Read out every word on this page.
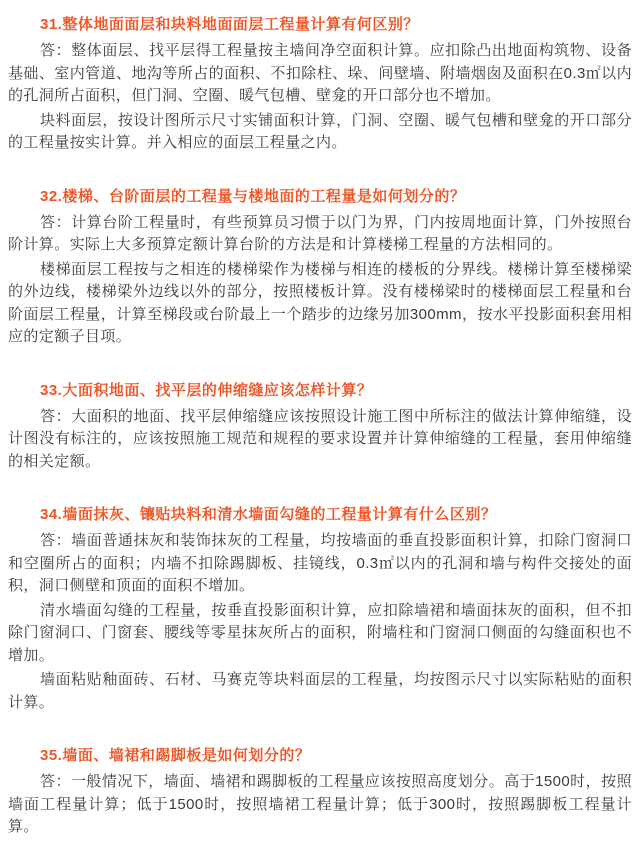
31.整体地面面层和块料地面面层工程量计算有何区别？

答：整体面层、找平层得工程量按主墙间净空面积计算。应扣除凸出地面构筑物、设备基础、室内管道、地沟等所占的面积、不扣除柱、垛、间壁墙、附墙烟囱及面积在0.3㎡以内的孔洞所占面积，但门洞、空圈、暖气包槽、壁龛的开口部分也不增加。

块料面层，按设计图所示尺寸实铺面积计算，门洞、空圈、暖气包槽和壁龛的开口部分的工程量按实计算。并入相应的面层工程量之内。

32.楼梯、台阶面层的工程量与楼地面的工程量是如何划分的？

答：计算台阶工程量时，有些预算员习惯于以门为界，门内按周地面计算，门外按照台阶计算。实际上大多预算定额计算台阶的方法是和计算楼梯工程量的方法相同的。

楼梯面层工程按与之相连的楼梯梁作为楼梯与相连的楼板的分界线。楼梯计算至楼梯梁的外边线，楼梯梁外边线以外的部分，按照楼板计算。没有楼梯梁时的楼梯面层工程量和台阶面层工程量，计算至梯段或台阶最上一个踏步的边缘另加300mm，按水平投影面积套用相应的定额子目项。

33.大面积地面、找平层的伸缩缝应该怎样计算？

答：大面积的地面、找平层伸缩缝应该按照设计施工图中所标注的做法计算伸缩缝，设计图没有标注的，应该按照施工规范和规程的要求设置并计算伸缩缝的工程量，套用伸缩缝的相关定额。

34.墙面抹灰、镶贴块料和清水墙面勾缝的工程量计算有什么区别？

答：墙面普通抹灰和装饰抹灰的工程量，均按墙面的垂直投影面积计算，扣除门窗洞口和空圈所占的面积；内墙不扣除踢脚板、挂镜线，0.3㎡以内的孔洞和墙与构件交接处的面积，洞口侧壁和顶面的面积不增加。

清水墙面勾缝的工程量，按垂直投影面积计算，应扣除墙裙和墙面抹灰的面积，但不扣除门窗洞口、门窗套、腰线等零星抹灰所占的面积，附墙柱和门窗洞口侧面的勾缝面积也不增加。

墙面粘贴釉面砖、石材、马赛克等块料面层的工程量，均按图示尺寸以实际粘贴的面积计算。

35.墙面、墙裙和踢脚板是如何划分的？

答：一般情况下，墙面、墙裙和踢脚板的工程量应该按照高度划分。高于1500时，按照墙面工程量计算；低于1500时，按照墙裙工程量计算；低于300时，按照踢脚板工程量计算。
